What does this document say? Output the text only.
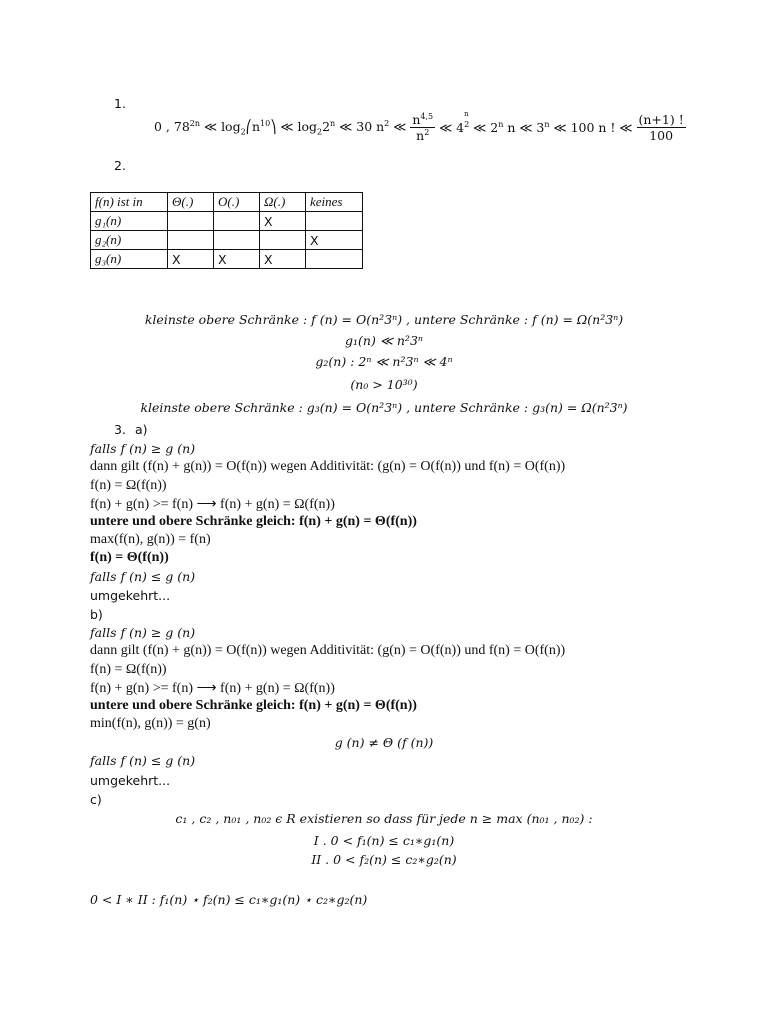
1.
0 , $78^{2n}$ ≪ $\log_2⎛n^{10}⎞$ ≪ $\log_22^n$ ≪ 30 $n^2$ ≪ $\frac{n^{4,5}}{n^2}$ ≪ 4
$^{n 2}$ ≪ 2$^n$ n ≪ 3$^n$ ≪ 100 n ! ≪ $\frac{(n+1) !}{100}$
2.
f(n) ist in	Θ(.)	O(.)	Ω(.)	keines
g₁(n)			X	
g₂(n)				X
g₃(n)	X	X	X	
kleinste obere Schränke : f (n) = O(n²3ⁿ) , untere Schränke : f (n) = Ω(n²3ⁿ)
g₁(n) ≪ n²3ⁿ
g₂(n) : 2ⁿ ≪ n²3ⁿ ≪ 4ⁿ
(n₀ > 10³⁰)
kleinste obere Schränke : g₃(n) = O(n²3ⁿ) , untere Schränke : g₃(n) = Ω(n²3ⁿ)
3. a)
falls f (n) ≥ g (n)
dann gilt (f(n) + g(n)) = O(f(n)) wegen Additivität: (g(n) = O(f(n)) und f(n) = O(f(n))
f(n) = Ω(f(n))
f(n) + g(n) >= f(n) ⟶ f(n) + g(n) = Ω(f(n))
untere und obere Schränke gleich: f(n) + g(n) = Θ(f(n))
max(f(n), g(n)) = f(n)
f(n) = Θ(f(n))
falls f (n) ≤ g (n)
umgekehrt...
b)
falls f (n) ≥ g (n)
dann gilt (f(n) + g(n)) = O(f(n)) wegen Additivität: (g(n) = O(f(n)) und f(n) = O(f(n))
f(n) = Ω(f(n))
f(n) + g(n) >= f(n) ⟶ f(n) + g(n) = Ω(f(n))
untere und obere Schränke gleich: f(n) + g(n) = Θ(f(n))
min(f(n), g(n)) = g(n)
g (n) ≠ Θ (f (n))
falls f (n) ≤ g (n)
umgekehrt...
c)
c₁ , c₂ , n₀₁ , n₀₂ ϵ R existieren so dass für jede n ≥ max (n₀₁ , n₀₂) :
I . 0 < f₁(n) ≤ c₁∗g₁(n)
II . 0 < f₂(n) ≤ c₂∗g₂(n)
0 < I ∗ II : f₁(n) ⋆ f₂(n) ≤ c₁∗g₁(n) ⋆ c₂∗g₂(n)
